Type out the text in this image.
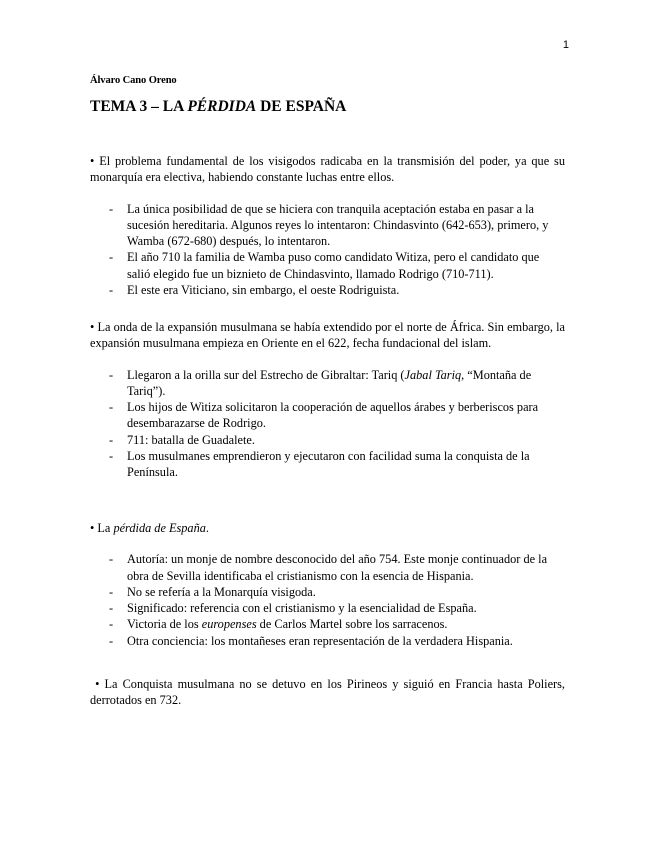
1
Álvaro Cano Oreno
TEMA 3 – LA PÉRDIDA DE ESPAÑA

• El problema fundamental de los visigodos radicaba en la transmisión del poder, ya que su monarquía era electiva, habiendo constante luchas entre ellos.

- La única posibilidad de que se hiciera con tranquila aceptación estaba en pasar a la sucesión hereditaria. Algunos reyes lo intentaron: Chindasvinto (642-653), primero, y Wamba (672-680) después, lo intentaron.
- El año 710 la familia de Wamba puso como candidato Witiza, pero el candidato que salió elegido fue un biznieto de Chindasvinto, llamado Rodrigo (710-711).
- El este era Viticiano, sin embargo, el oeste Rodriguista.

• La onda de la expansión musulmana se había extendido por el norte de África. Sin embargo, la expansión musulmana empieza en Oriente en el 622, fecha fundacional del islam.

- Llegaron a la orilla sur del Estrecho de Gibraltar: Tariq (Jabal Tariq, “Montaña de Tariq”).
- Los hijos de Witiza solicitaron la cooperación de aquellos árabes y berberiscos para desembarazarse de Rodrigo.
- 711: batalla de Guadalete.
- Los musulmanes emprendieron y ejecutaron con facilidad suma la conquista de la Península.

• La pérdida de España.

- Autoría: un monje de nombre desconocido del año 754. Este monje continuador de la obra de Sevilla identificaba el cristianismo con la esencia de Hispania.
- No se refería a la Monarquía visigoda.
- Significado: referencia con el cristianismo y la esencialidad de España.
- Victoria de los europenses de Carlos Martel sobre los sarracenos.
- Otra conciencia: los montañeses eran representación de la verdadera Hispania.

• La Conquista musulmana no se detuvo en los Pirineos y siguió en Francia hasta Poliers, derrotados en 732.
